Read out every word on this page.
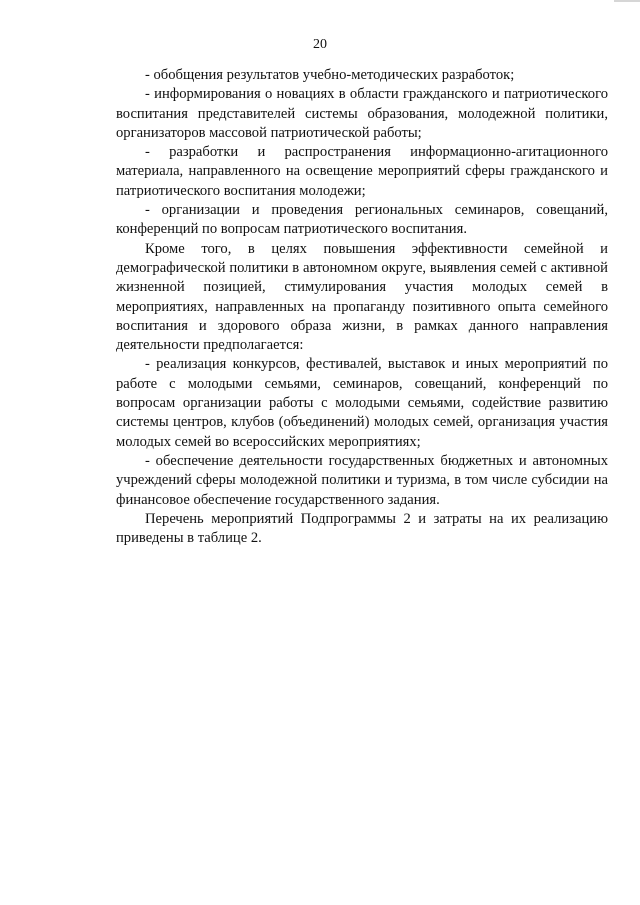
20

- обобщения результатов учебно-методических разработок;

- информирования о новациях в области гражданского и патриотического воспитания представителей системы образования, молодежной политики, организаторов массовой патриотической работы;

- разработки и распространения информационно-агитационного материала, направленного на освещение мероприятий сферы гражданского и патриотического воспитания молодежи;

- организации и проведения региональных семинаров, совещаний, конференций по вопросам патриотического воспитания.

Кроме того, в целях повышения эффективности семейной и демографической политики в автономном округе, выявления семей с активной жизненной позицией, стимулирования участия молодых семей в мероприятиях, направленных на пропаганду позитивного опыта семейного воспитания и здорового образа жизни, в рамках данного направления деятельности предполагается:

- реализация конкурсов, фестивалей, выставок и иных мероприятий по работе с молодыми семьями, семинаров, совещаний, конференций по вопросам организации работы с молодыми семьями, содействие развитию системы центров, клубов (объединений) молодых семей, организация участия молодых семей во всероссийских мероприятиях;

- обеспечение деятельности государственных бюджетных и автономных учреждений сферы молодежной политики и туризма, в том числе субсидии на финансовое обеспечение государственного задания.

Перечень мероприятий Подпрограммы 2 и затраты на их реализацию приведены в таблице 2.
